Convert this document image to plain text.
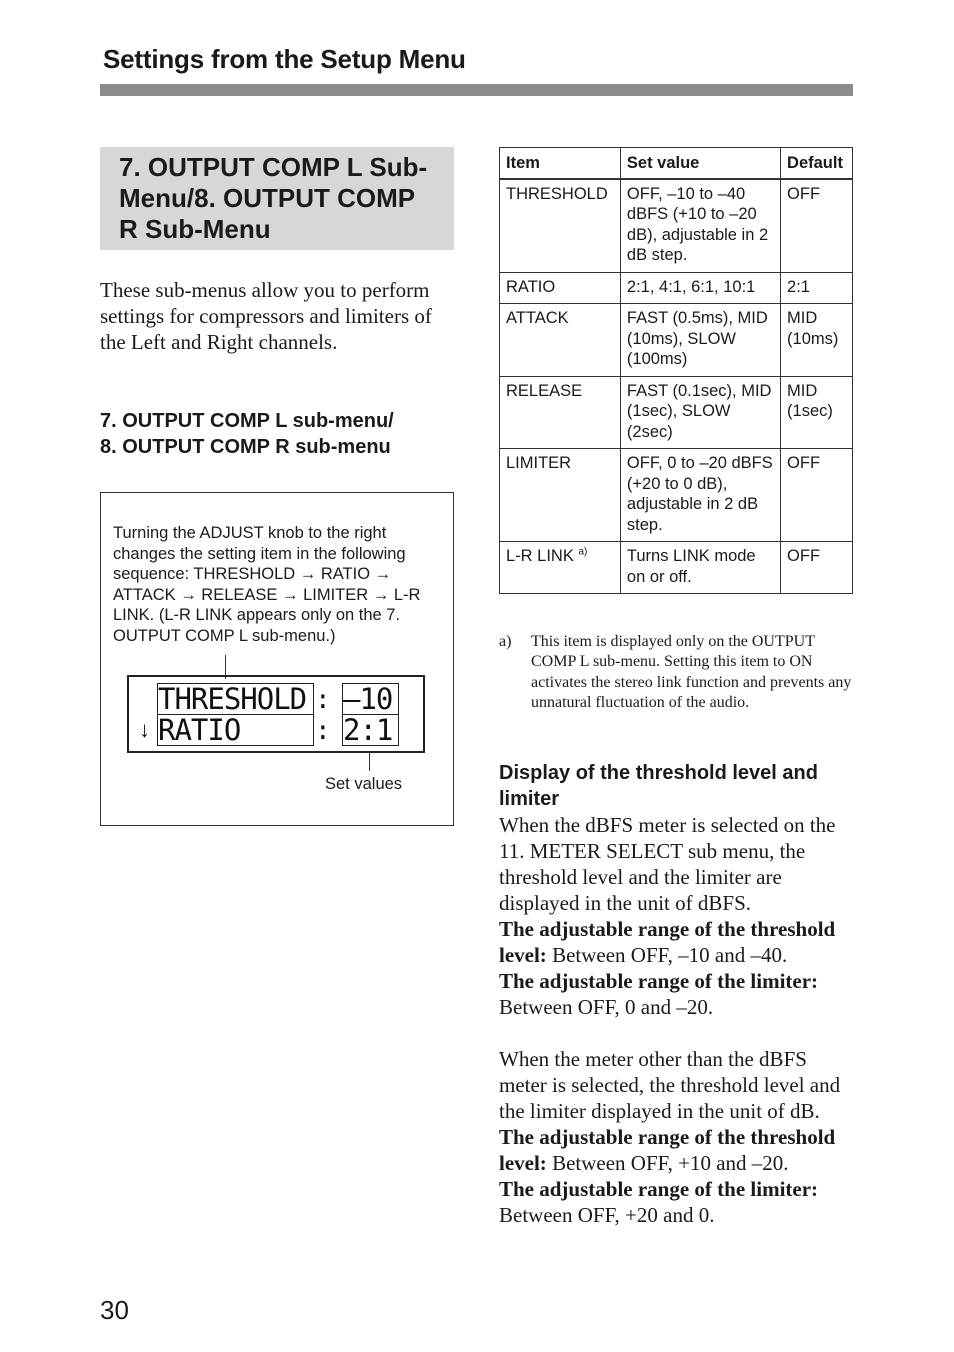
Settings from the Setup Menu
7. OUTPUT COMP L Sub-Menu/8. OUTPUT COMP R Sub-Menu
These sub-menus allow you to perform settings for compressors and limiters of the Left and Right channels.
7. OUTPUT COMP L sub-menu/
8. OUTPUT COMP R sub-menu
Turning the ADJUST knob to the right changes the setting item in the following sequence: THRESHOLD → RATIO → ATTACK → RELEASE → LIMITER → L-R LINK. (L-R LINK appears only on the 7. OUTPUT COMP L sub-menu.)
THRESHOLD : –10
↓ RATIO	: 2:1
Set values
Item	Set value	Default
THRESHOLD	OFF, –10 to –40 dBFS (+10 to –20 dB), adjustable in 2 dB step.	OFF
RATIO	2:1, 4:1, 6:1, 10:1	2:1
ATTACK	FAST (0.5ms), MID (10ms), SLOW (100ms)	MID (10ms)
RELEASE	FAST (0.1sec), MID (1sec), SLOW (2sec)	MID (1sec)
LIMITER	OFF, 0 to –20 dBFS (+20 to 0 dB), adjustable in 2 dB step.	OFF
L-R LINK $^{a)}$	Turns LINK mode on or off.	OFF
a) This item is displayed only on the OUTPUT COMP L sub-menu. Setting this item to ON activates the stereo link function and prevents any unnatural fluctuation of the audio.
Display of the threshold level and limiter

When the dBFS meter is selected on the 11. METER SELECT sub menu, the threshold level and the limiter are displayed in the unit of dBFS.

The adjustable range of the threshold level: Between OFF, –10 and –40.

The adjustable range of the limiter:
Between OFF, 0 and –20.

When the meter other than the dBFS meter is selected, the threshold level and the limiter displayed in the unit of dB.

The adjustable range of the threshold level: Between OFF, +10 and –20.

The adjustable range of the limiter:
Between OFF, +20 and 0.

30
